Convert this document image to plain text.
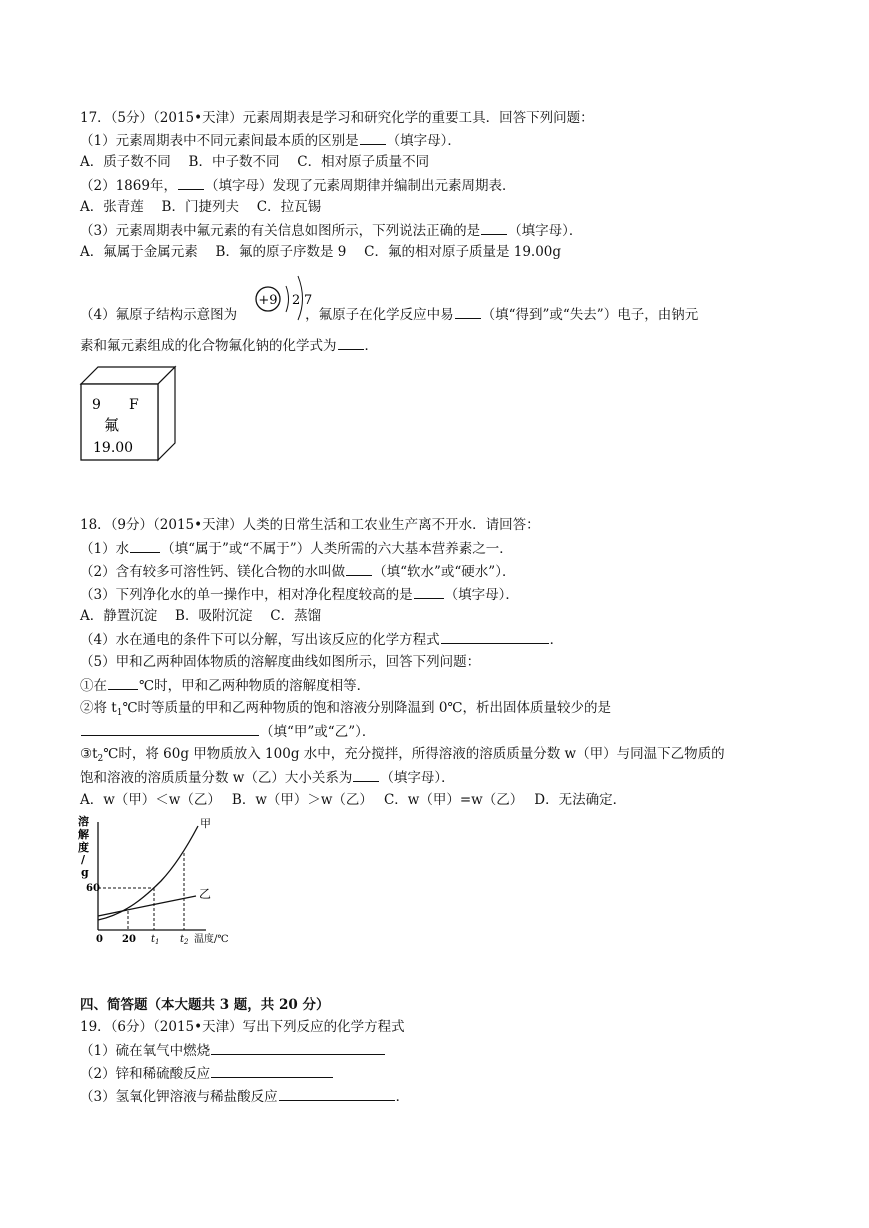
17．（5分）（2015•天津）元素周期表是学习和研究化学的重要工具．回答下列问题：
（1）元素周期表中不同元素间最本质的区别是 （填字母）．
A．质子数不同　 B．中子数不同　 C．相对原子质量不同
（2）1869年， （填字母）发现了元素周期律并编制出元素周期表．
A．张青莲　 B．门捷列夫　 C．拉瓦锡
（3）元素周期表中氟元素的有关信息如图所示，下列说法正确的是 （填字母）．
A．氟属于金属元素　 B．氟的原子序数是 9　 C．氟的相对原子质量是 19.00g
+9 2 7
（4）氟原子结构示意图为	，氟原子在化学反应中易 （填“得到”或“失去”）电子，由钠元
素和氟元素组成的化合物氟化钠的化学式为 ．
9 F
氟
19.00
18．（9分）（2015•天津）人类的日常生活和工农业生产离不开水．请回答：
（1）水 （填“属于”或“不属于”）人类所需的六大基本营养素之一．
（2）含有较多可溶性钙、镁化合物的水叫做 （填“软水”或“硬水”）．
（3）下列净化水的单一操作中，相对净化程度较高的是 （填字母）．
A．静置沉淀　 B．吸附沉淀　 C．蒸馏
（4）水在通电的条件下可以分解，写出该反应的化学方程式	．
（5）甲和乙两种固体物质的溶解度曲线如图所示，回答下列问题：
①在 ℃时，甲和乙两种物质的溶解度相等．
②将 $t_1℃$时等质量的甲和乙两种物质的饱和溶液分别降温到 0℃，析出固体质量较少的是
（填“甲”或“乙”）．
$③t_2℃$时，将 60g 甲物质放入 100g 水中，充分搅拌，所得溶液的溶质质量分数 w（甲）与同温下乙物质的
饱和溶液的溶质质量分数 w（乙）大小关系为 （填字母）．
A．w（甲）＜w（乙）　 B．w（甲）＞w（乙）　 C．w（甲）=w（乙）　 D．无法确定．
溶
解
度
/
g
甲
乙
60
0 20 $t_1$ $t_2$ 温度/℃
四、简答题（本大题共 3 题，共 20 分）
19．（6分）（2015•天津）写出下列反应的化学方程式
（1）硫在氧气中燃烧
（2）锌和稀硫酸反应
（3）氢氧化钾溶液与稀盐酸反应	．
